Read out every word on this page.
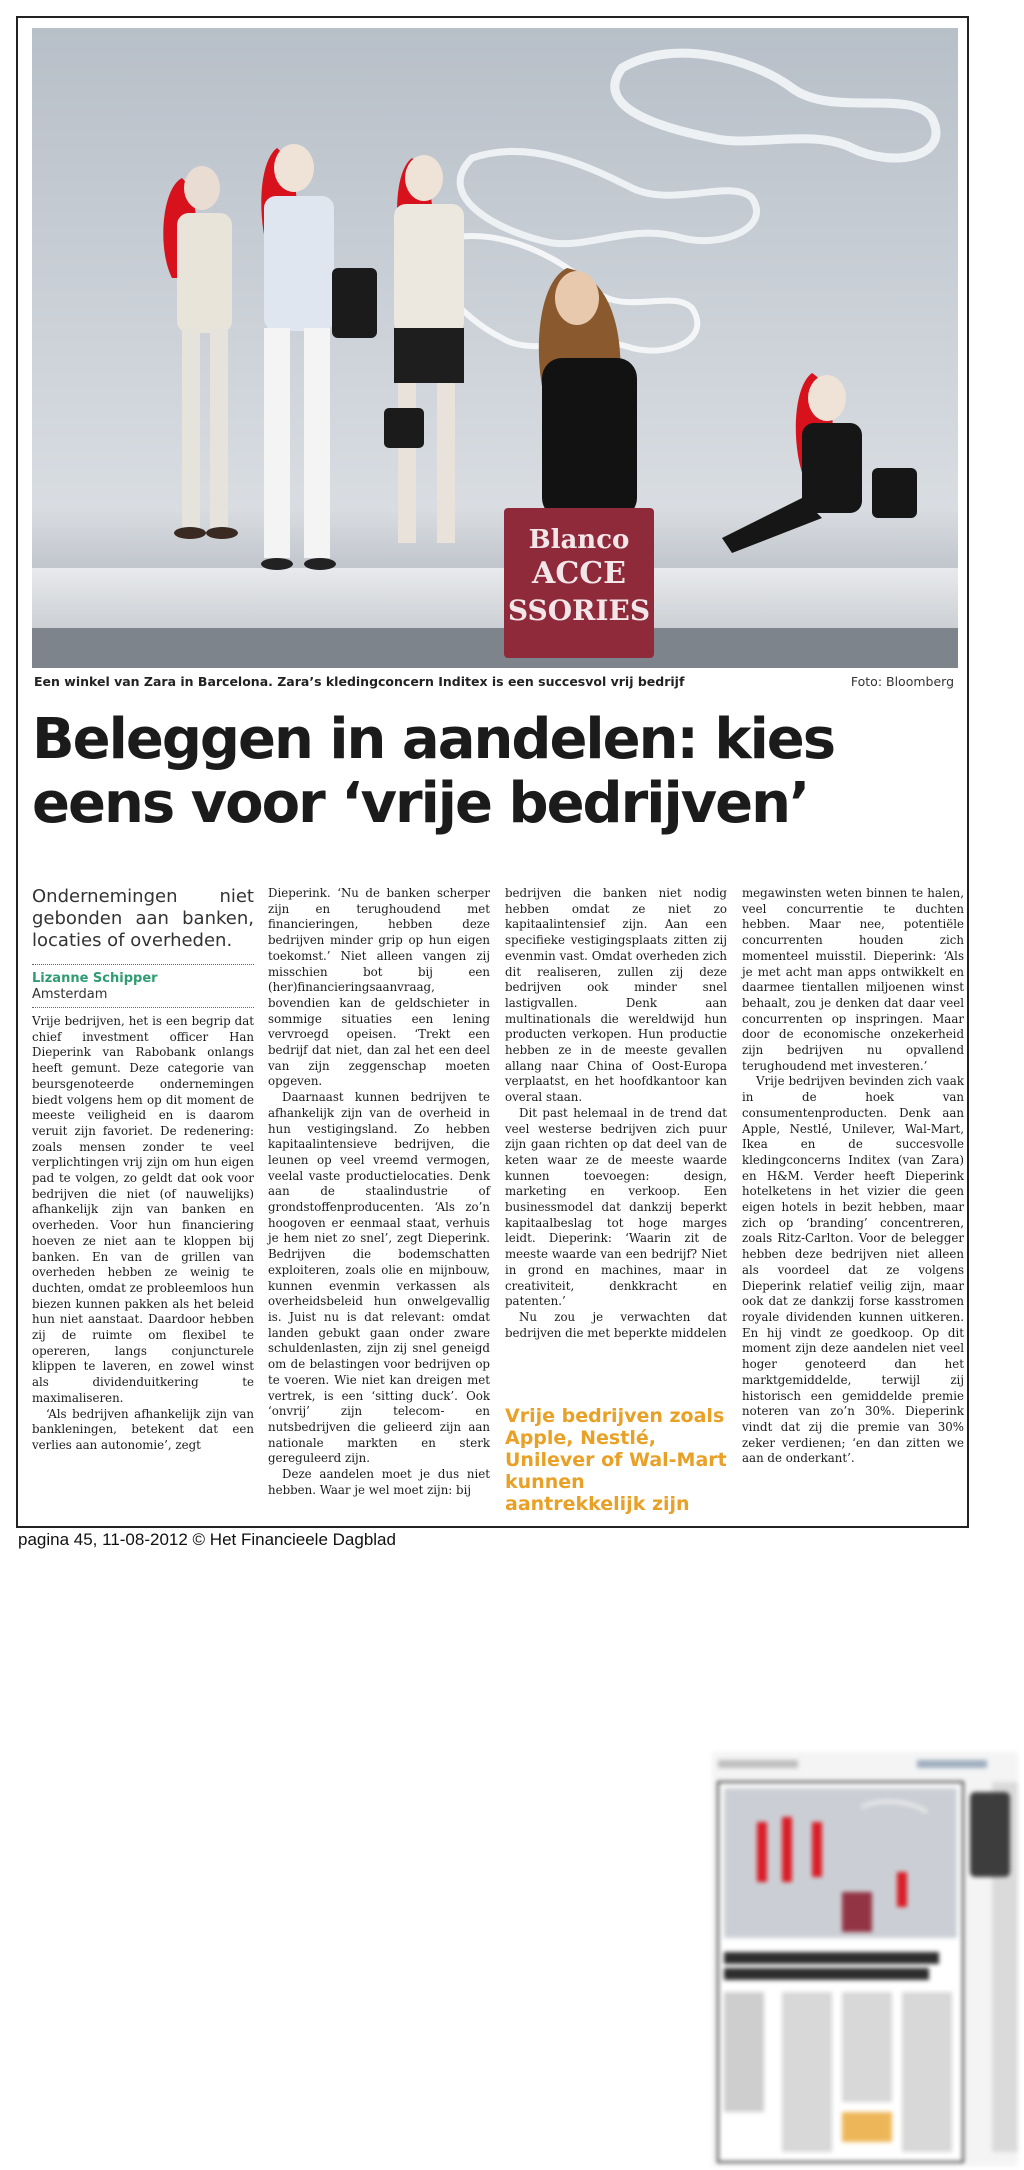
Blanco
ACCE
SSORIES
Een winkel van Zara in Barcelona. Zara’s kledingconcern Inditex is een succesvol vrij bedrijf	Foto: Bloomberg
Beleggen in aandelen: kies
eens voor ‘vrije bedrijven’
Ondernemingen niet gebonden aan banken, locaties of overheden.
Lizanne Schipper
Amsterdam

Vrije bedrijven, het is een begrip dat chief investment officer Han Dieperink van Rabobank onlangs heeft gemunt. Deze categorie van beursgenoteerde ondernemingen biedt volgens hem op dit moment de meeste veiligheid en is daarom veruit zijn favoriet. De redenering: zoals mensen zonder te veel verplichtingen vrij zijn om hun eigen pad te volgen, zo geldt dat ook voor bedrijven die niet (of nauwelijks) afhankelijk zijn van banken en overheden. Voor hun financiering hoeven ze niet aan te kloppen bij banken. En van de grillen van overheden hebben ze weinig te duchten, omdat ze probleemloos hun biezen kunnen pakken als het beleid hun niet aanstaat. Daardoor hebben zij de ruimte om flexibel te opereren, langs conjuncturele klippen te laveren, en zowel winst als dividenduitkering te maximaliseren.

‘Als bedrijven afhankelijk zijn van bankleningen, betekent dat een verlies aan autonomie’, zegt

Dieperink. ‘Nu de banken scherper zijn en terughoudend met financieringen, hebben deze bedrijven minder grip op hun eigen toekomst.’ Niet alleen vangen zij misschien bot bij een (her)financieringsaanvraag, bovendien kan de geldschieter in sommige situaties een lening vervroegd opeisen. ‘Trekt een bedrijf dat niet, dan zal het een deel van zijn zeggenschap moeten opgeven.

Daarnaast kunnen bedrijven te afhankelijk zijn van de overheid in hun vestigingsland. Zo hebben kapitaalintensieve bedrijven, die leunen op veel vreemd vermogen, veelal vaste productielocaties. Denk aan de staalindustrie of grondstoffenproducenten. ‘Als zo’n hoogoven er eenmaal staat, verhuis je hem niet zo snel’, zegt Dieperink. Bedrijven die bodemschatten exploiteren, zoals olie en mijnbouw, kunnen evenmin verkassen als overheidsbeleid hun onwelgevallig is. Juist nu is dat relevant: omdat landen gebukt gaan onder zware schuldenlasten, zijn zij snel geneigd om de belastingen voor bedrijven op te voeren. Wie niet kan dreigen met vertrek, is een ‘sitting duck’. Ook ‘onvrij’ zijn telecom- en nutsbedrijven die gelieerd zijn aan nationale markten en sterk gereguleerd zijn.

Deze aandelen moet je dus niet hebben. Waar je wel moet zijn: bij

bedrijven die banken niet nodig hebben omdat ze niet zo kapitaalintensief zijn. Aan een specifieke vestigingsplaats zitten zij evenmin vast. Omdat overheden zich dit realiseren, zullen zij deze bedrijven ook minder snel lastigvallen. Denk aan multinationals die wereldwijd hun producten verkopen. Hun productie hebben ze in de meeste gevallen allang naar China of Oost-Europa verplaatst, en het hoofdkantoor kan overal staan.

Dit past helemaal in de trend dat veel westerse bedrijven zich puur zijn gaan richten op dat deel van de keten waar ze de meeste waarde kunnen toevoegen: design, marketing en verkoop. Een businessmodel dat dankzij beperkt kapitaalbeslag tot hoge marges leidt. Dieperink: ‘Waarin zit de meeste waarde van een bedrijf? Niet in grond en machines, maar in creativiteit, denkkracht en patenten.’

Nu zou je verwachten dat bedrijven die met beperkte middelen

Vrije bedrijven zoals Apple, Nestlé, Unilever of Wal-Mart kunnen aantrekkelijk zijn

megawinsten weten binnen te halen, veel concurrentie te duchten hebben. Maar nee, potentiële concurrenten houden zich momenteel muisstil. Dieperink: ‘Als je met acht man apps ontwikkelt en daarmee tientallen miljoenen winst behaalt, zou je denken dat daar veel concurrenten op inspringen. Maar door de economische onzekerheid zijn bedrijven nu opvallend terughoudend met investeren.’

Vrije bedrijven bevinden zich vaak in de hoek van consumentenproducten. Denk aan Apple, Nestlé, Unilever, Wal-Mart, Ikea en de succesvolle kledingconcerns Inditex (van Zara) en H&M. Verder heeft Dieperink hotelketens in het vizier die geen eigen hotels in bezit hebben, maar zich op ‘branding’ concentreren, zoals Ritz-Carlton. Voor de belegger hebben deze bedrijven niet alleen als voordeel dat ze volgens Dieperink relatief veilig zijn, maar ook dat ze dankzij forse kasstromen royale dividenden kunnen uitkeren. En hij vindt ze goedkoop. Op dit moment zijn deze aandelen niet veel hoger genoteerd dan het marktgemiddelde, terwijl zij historisch een gemiddelde premie noteren van zo’n 30%. Dieperink vindt dat zij die premie van 30% zeker verdienen; ‘en dan zitten we aan de onderkant’.

pagina 45, 11-08-2012 © Het Financieele Dagblad
